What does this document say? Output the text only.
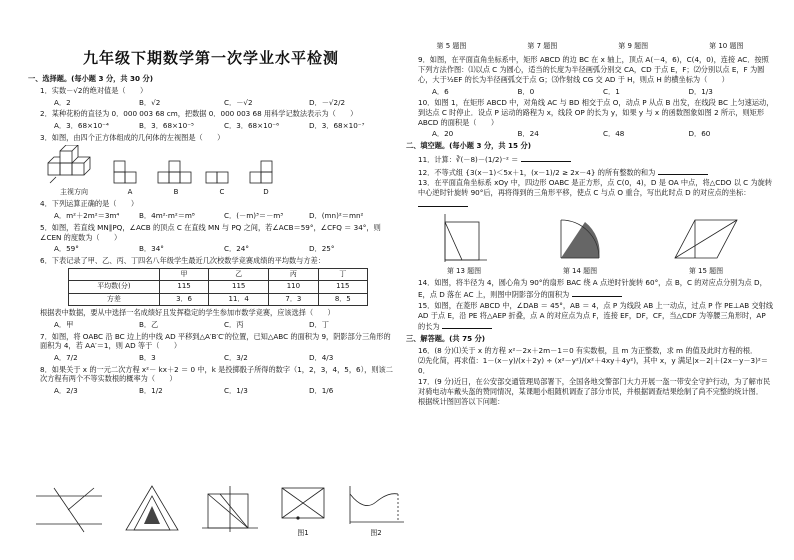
九年级下期数学第一次学业水平检测
一、选择题。(每小题 3 分，共 30 分)
1．实数－√2的绝对值是（　　）
A．2	B．√2	C．－√2	D．－√2/2
2．某种花粉的直径为 0．000 003 68 cm，把数据 0．000 003 68 用科学记数法表示为（　　）
A．3．68×10⁻⁴	B．3．68×10⁻⁵	C．3．68×10⁻⁶	D．3．68×10⁻⁷
3．如图，由四个正方体组成的几何体的左视图是（　　）
主视方向	A	B	C	D
4．下列运算正确的是（　　）
A．m²＋2m²＝3m⁴	B．4m²·m²＝m⁸	C．(－m)³＝－m³	D．(mn)²＝mn²
5．如图，若直线 MN∥PQ，∠ACB 的顶点 C 在直线 MN 与 PQ 之间，若∠ACB＝59°，∠CFQ ＝ 34°，则∠CEN 的度数为（　　）
A．59°	B．34°	C．24°	D．25°
6．下表记录了甲、乙、丙、丁四名八年级学生最近几次校数学竞赛成绩的平均数与方差：
	甲	乙	丙	丁
平均数(分)	115	115	110	115
方差	3．6	11．4	7．3	8．5
根据表中数据，要从中选择一名成绩好且发挥稳定的学生参加市数学竞赛，应该选择（　　）
A．甲	B．乙	C．丙	D．丁
7．如图，将 OABC 沿 BC 边上的中线 AD 平移到△A′B′C′的位置，已知△ABC 的面积为 9，阴影部分三角形的面积为 4，若 AA′＝1，则 AD 等于（　　）
A．7/2	B．3	C．3/2	D．4/3
8．如果关于 x 的一元二次方程 x²－ kx＋2 ＝ 0 中，k 是投掷骰子所得的数字（1，2，3，4，5，6），则该二次方程有两个不等实数根的概率为（　　）
A．2/3	B．1/2	C．1/3	D．1/6
图1	图2
第 5 题图	第 7 题图	第 9 题图	第 10 题图
9．如图，在平面直角坐标系中，矩形 ABCD 的边 BC 在 x 轴上，顶点 A(－4，6)，C(4，0)，连接 AC．按照下列方法作图：⑴以点 C 为圆心，适当的长度为半径画弧分别交 CA，CD 于点 E，F；⑵分别以点 E，F 为圆心，大于½EF 的长为半径画弧交于点 G；⑶作射线 CG 交 AD 于 H，则点 H 的横坐标为（　　）
A．6	B．0	C．1	D．1/3
10．如图 1，在矩形 ABCD 中，对角线 AC 与 BD 相交于点 O，动点 P 从点 B 出发，在线段 BC 上匀速运动，到达点 C 时停止．设点 P 运动的路程为 x，线段 OP 的长为 y，如果 y 与 x 的函数图象如图 2 所示，则矩形 ABCD 的面积是（　　）
A．20	B．24	C．48	D．60
二、填空题。(每小题 3 分，共 15 分)
11．计算：∛(－8)－(1/2)⁻² ＝
12．不等式组 {3(x－1)＜5x＋1，(x－1)/2 ≥ 2x－4} 的所有整数的和为
13．在平面直角坐标系 xOy 中，四边形 OABC 是正方形，点 C(0，4)，D 是 OA 中点，将△CDO 以 C 为旋转中心逆时针旋转 90°后，再将得到的三角形平移，使点 C 与点 O 重合，写出此时点 D 的对应点的坐标：
第 13 题图	第 14 题图	第 15 题图
14．如图，将半径为 4，圆心角为 90°的扇形 BAC 绕 A 点逆时针旋转 60°，点 B，C 的对应点分别为点 D，E，点 D 落在 AC 上，则图中阴影部分的面积为
15．如图，在菱形 ABCD 中，∠DAB ＝ 45°，AB ＝ 4，点 P 为线段 AB 上一动点，过点 P 作 PE⊥AB 交射线 AD 于点 E，沿 PE 将△AEP 折叠，点 A 的对应点为点 F，连接 EF，DF，CF，当△CDF 为等腰三角形时，AP 的长为
三、解答题。(共 75 分)
16．(8 分)⑴关于 x 的方程 x²－2x＋2m－1＝0 有实数根，且 m 为正整数，求 m 的值及此时方程的根．
⑵先化简，再求值：1－(x－y)/(x＋2y) ÷ (x²－y²)/(x²＋4xy＋4y²)，其中 x，y 满足|x－2|＋(2x－y－3)²＝0．
17．(9 分)近日，在公安部交通管理局部署下，全国各地交警部门大力开展一盔一带安全守护行动，为了解市民对骑电动车戴头盔的赞同情况，某课题小组随机调查了部分市民，并根据调查结果绘制了尚不完整的统计图．
根据统计图回答以下问题：
